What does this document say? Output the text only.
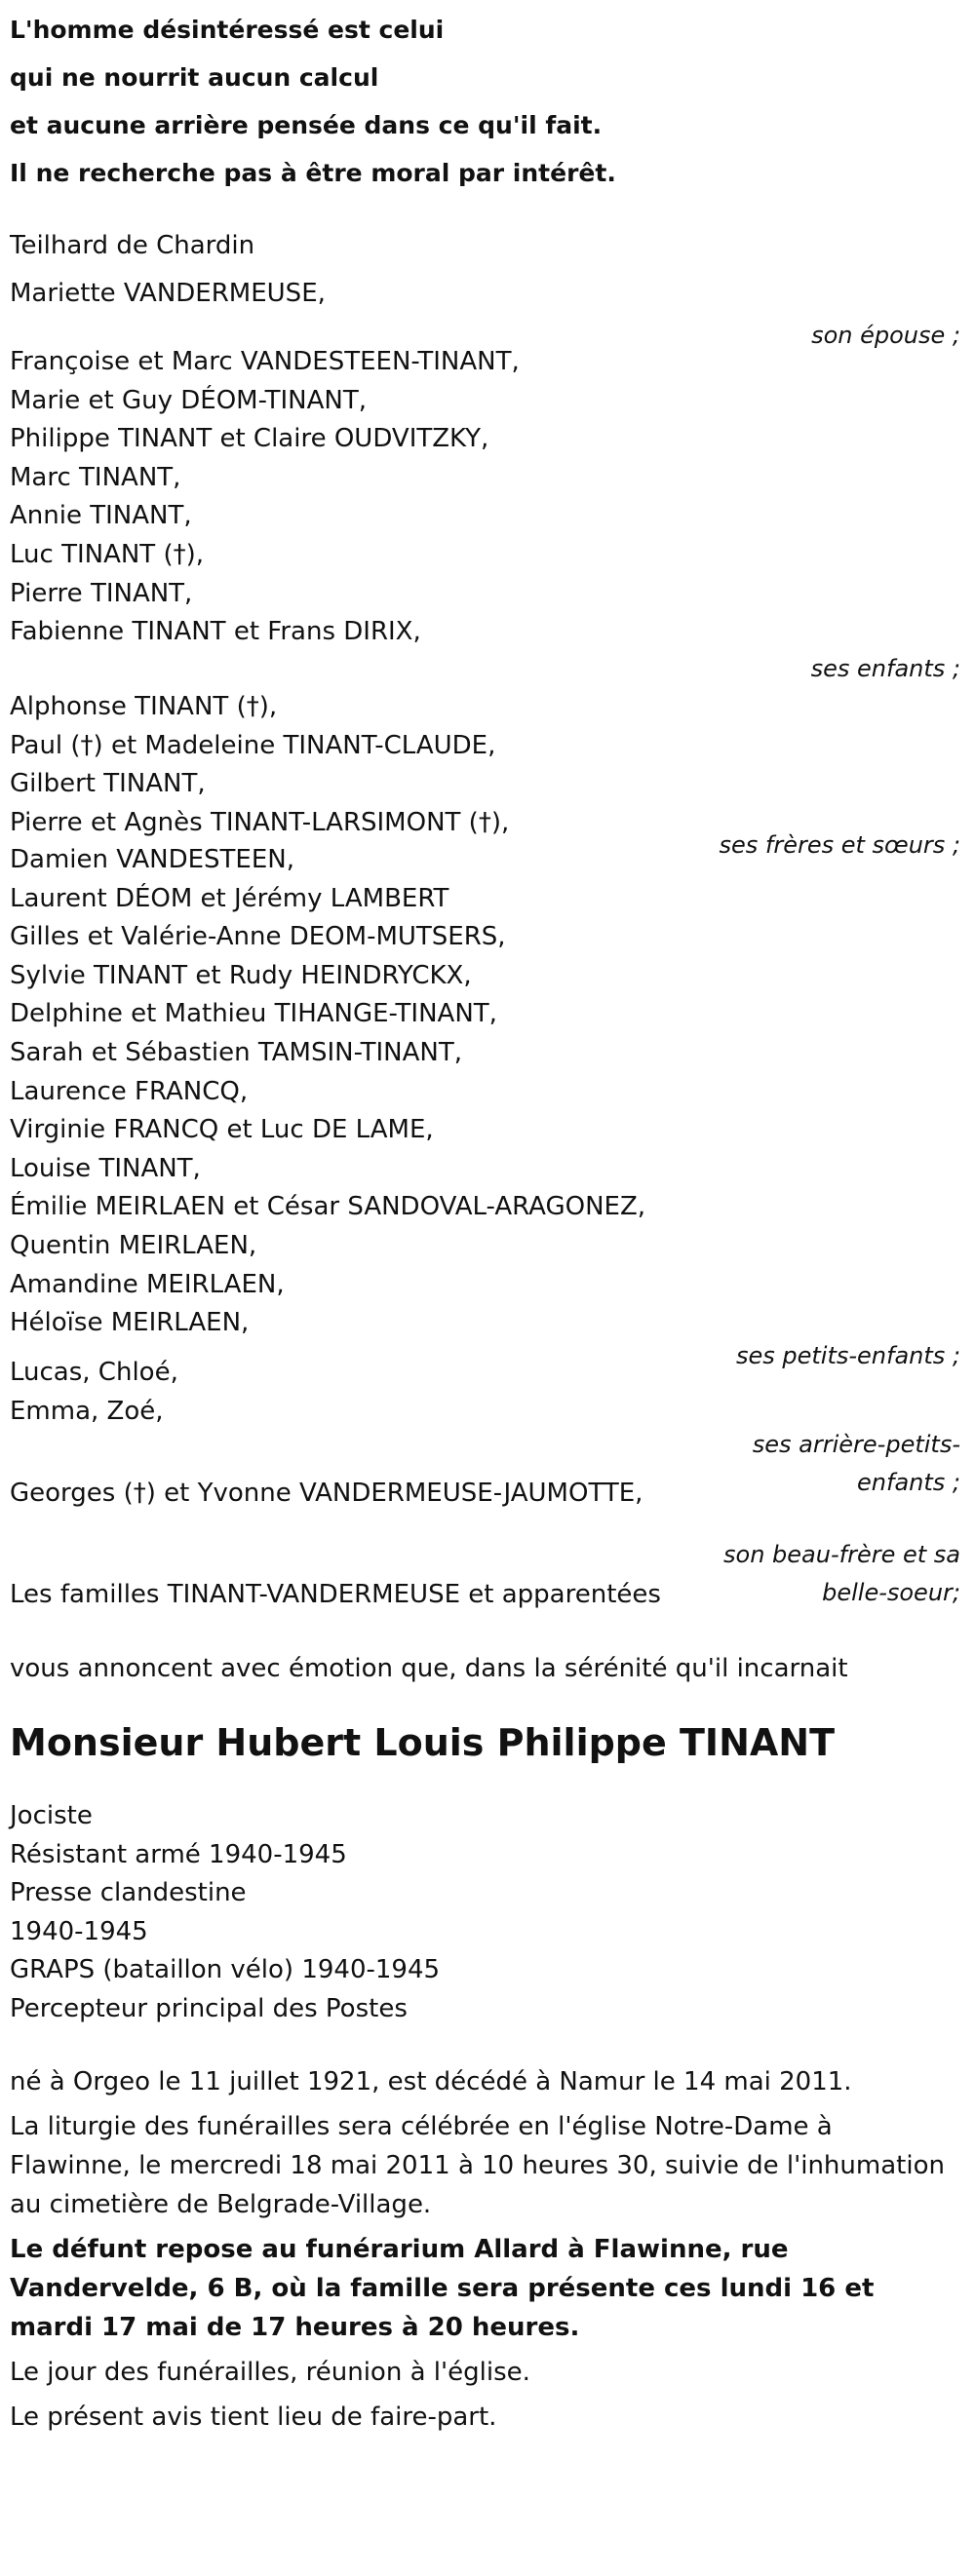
L'homme désintéressé est celui
qui ne nourrit aucun calcul
et aucune arrière pensée dans ce qu'il fait.
Il ne recherche pas à être moral par intérêt.
Teilhard de Chardin
Mariette VANDERMEUSE,
son épouse ;
Françoise et Marc VANDESTEEN-TINANT,
Marie et Guy DÉOM-TINANT,
Philippe TINANT et Claire OUDVITZKY,
Marc TINANT,
Annie TINANT,
Luc TINANT (†),
Pierre TINANT,
Fabienne TINANT et Frans DIRIX,
ses enfants ;
Alphonse TINANT (†),
Paul (†) et Madeleine TINANT-CLAUDE,
Gilbert TINANT,
Pierre et Agnès TINANT-LARSIMONT (†),
ses frères et sœurs ;
Damien VANDESTEEN,
Laurent DÉOM et Jérémy LAMBERT
Gilles et Valérie-Anne DEOM-MUTSERS,
Sylvie TINANT et Rudy HEINDRYCKX,
Delphine et Mathieu TIHANGE-TINANT,
Sarah et Sébastien TAMSIN-TINANT,
Laurence FRANCQ,
Virginie FRANCQ et Luc DE LAME,
Louise TINANT,
Émilie MEIRLAEN et César SANDOVAL-ARAGONEZ,
Quentin MEIRLAEN,
Amandine MEIRLAEN,
Héloïse MEIRLAEN,
ses petits-enfants ;
Lucas, Chloé,
Emma, Zoé,
ses arrière-petits-enfants ;
Georges (†) et Yvonne VANDERMEUSE-JAUMOTTE,
son beau-frère et sa belle-soeur;
Les familles TINANT-VANDERMEUSE et apparentées
vous annoncent avec émotion que, dans la sérénité qu'il incarnait
Monsieur Hubert Louis Philippe TINANT
Jociste
Résistant armé 1940-1945
Presse clandestine
1940-1945
GRAPS (bataillon vélo) 1940-1945
Percepteur principal des Postes
né à Orgeo le 11 juillet 1921, est décédé à Namur le 14 mai 2011.
La liturgie des funérailles sera célébrée en l'église Notre-Dame à Flawinne, le mercredi 18 mai 2011 à 10 heures 30, suivie de l'inhumation au cimetière de Belgrade-Village.
Le défunt repose au funérarium Allard à Flawinne, rue Vandervelde, 6 B, où la famille sera présente ces lundi 16 et mardi 17 mai de 17 heures à 20 heures.
Le jour des funérailles, réunion à l'église.
Le présent avis tient lieu de faire-part.
